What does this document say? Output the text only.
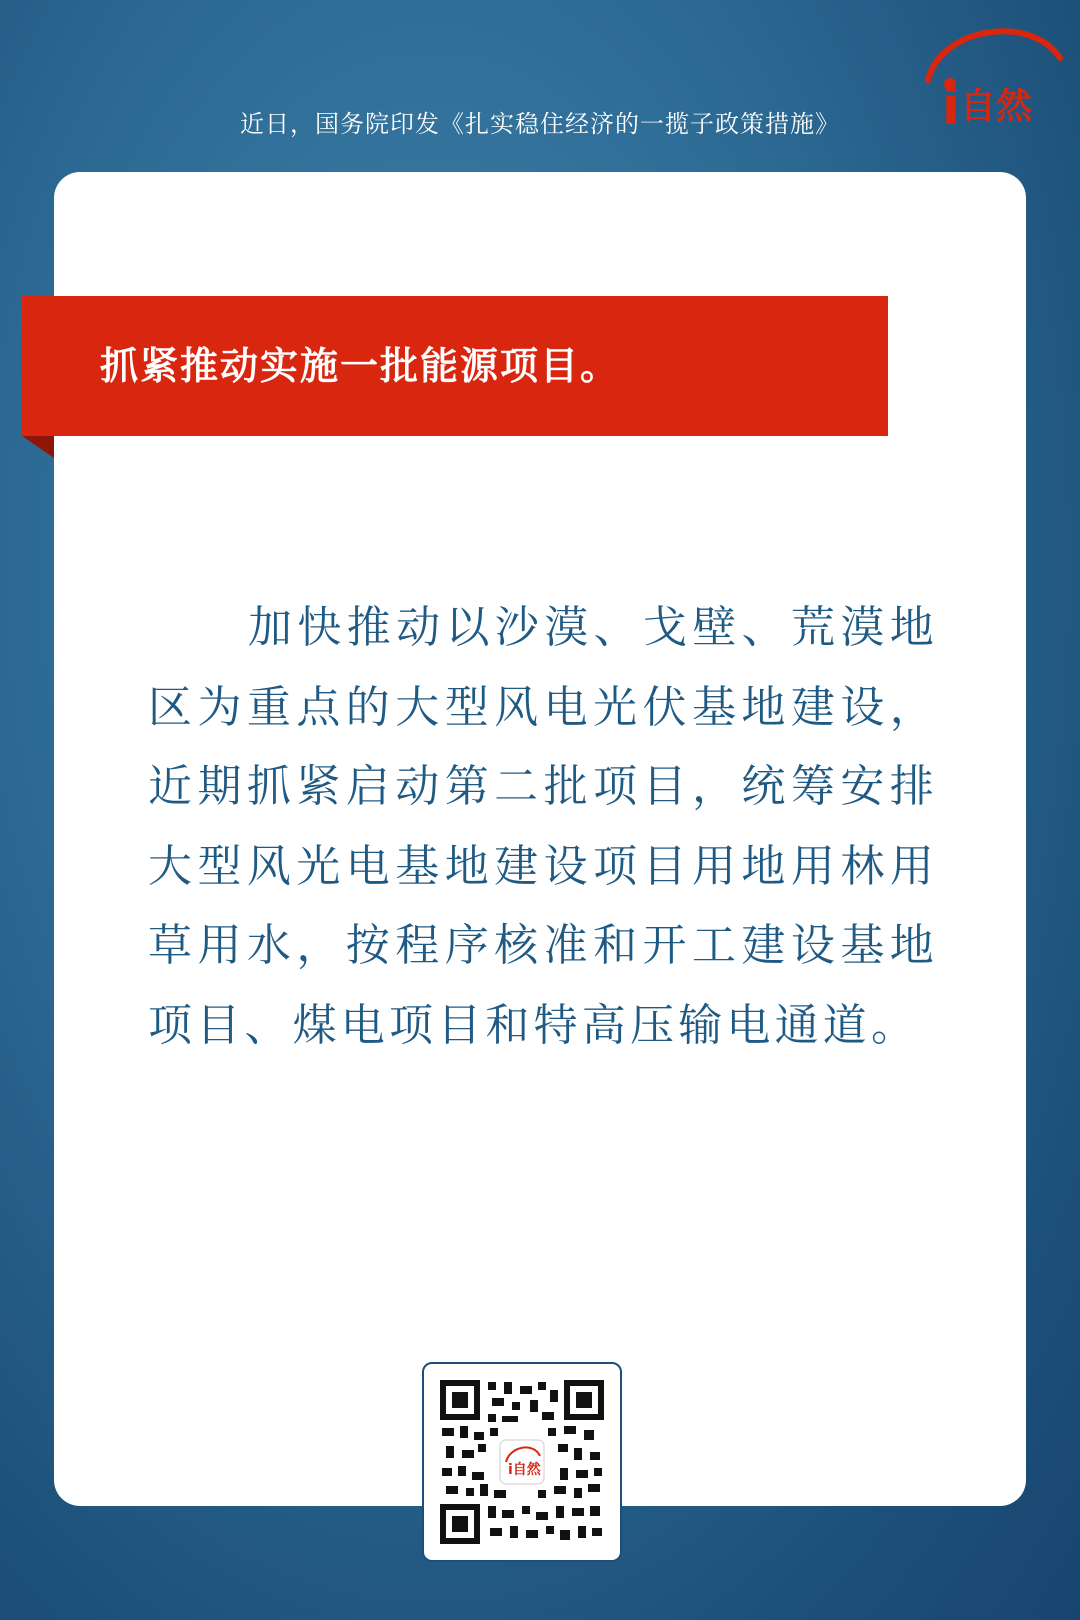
近日，国务院印发《扎实稳住经济的一揽子政策措施》	i 自然
抓紧推动实施一批能源项目。
加快推动以沙漠、戈壁、荒漠地区为重点的大型风电光伏基地建设，近期抓紧启动第二批项目，统筹安排大型风光电基地建设项目用地用林用草用水，按程序核准和开工建设基地项目、煤电项目和特高压输电通道。
i自然
